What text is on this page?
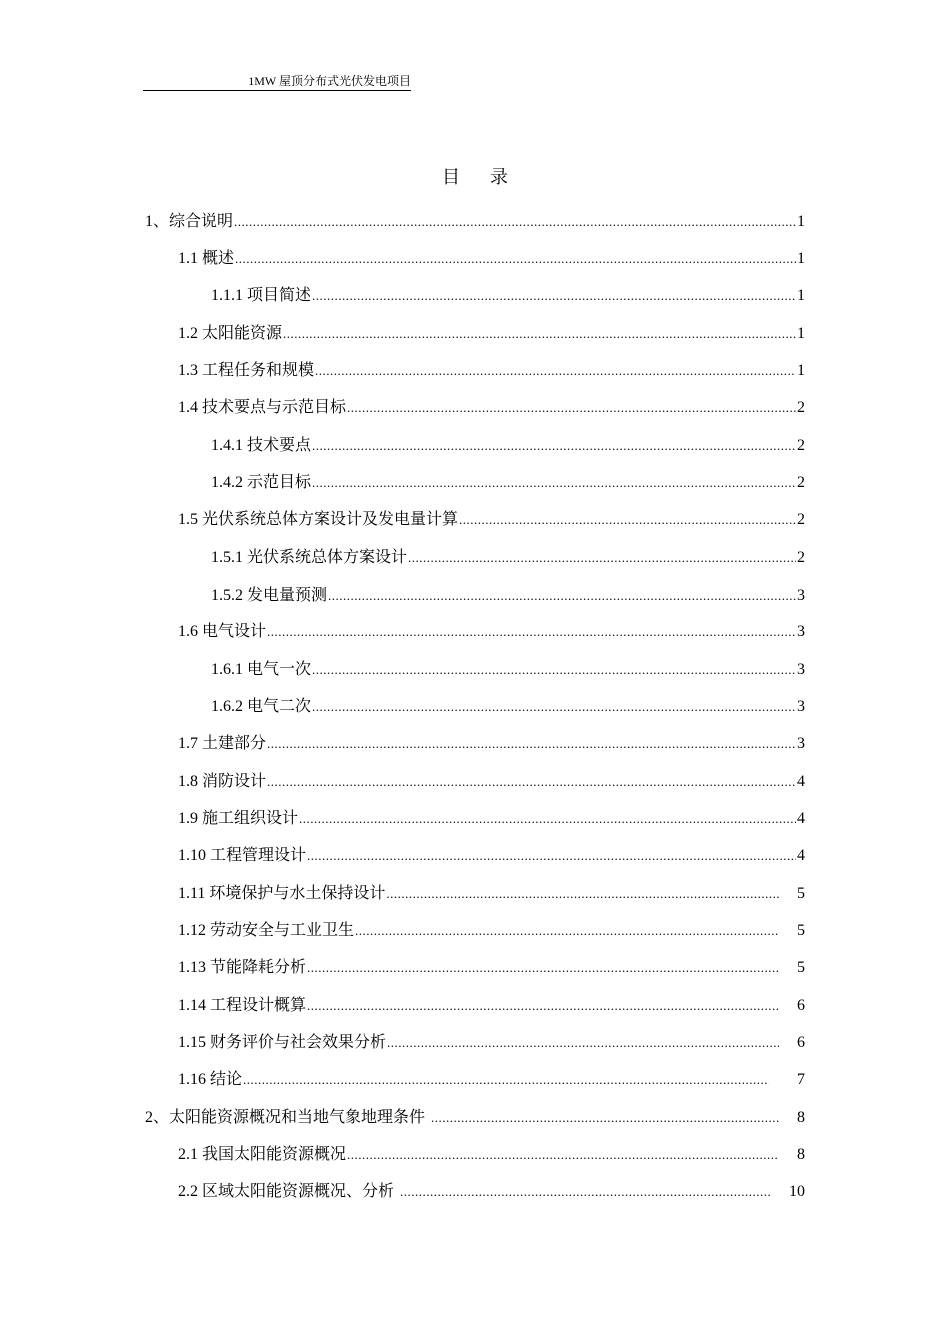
1MW 屋顶分布式光伏发电项目
目 录
1、综合说明 .....	1
1.1 概述 .....	1
1.1.1 项目简述 .....	1
1.2 太阳能资源 .....	1
1.3 工程任务和规模 .....	1
1.4 技术要点与示范目标 .....	2
1.4.1 技术要点 .....	2
1.4.2 示范目标 .....	2
1.5 光伏系统总体方案设计及发电量计算 .....	2
1.5.1 光伏系统总体方案设计 .....	2
1.5.2 发电量预测 .....	3
1.6 电气设计 .....	3
1.6.1 电气一次 .....	3
1.6.2 电气二次 .....	3
1.7 土建部分 .....	3
1.8 消防设计 .....	4
1.9 施工组织设计 .....	4
1.10 工程管理设计 .....	4
1.11 环境保护与水土保持设计 .....	5
1.12 劳动安全与工业卫生 .....	5
1.13 节能降耗分析 .....	5
1.14 工程设计概算 .....	6
1.15 财务评价与社会效果分析 .....	6
1.16 结论 .....	7
2、太阳能资源概况和当地气象地理条件 .....	8
2.1 我国太阳能资源概况 .....	8
2.2 区域太阳能资源概况、分析 .....	10
